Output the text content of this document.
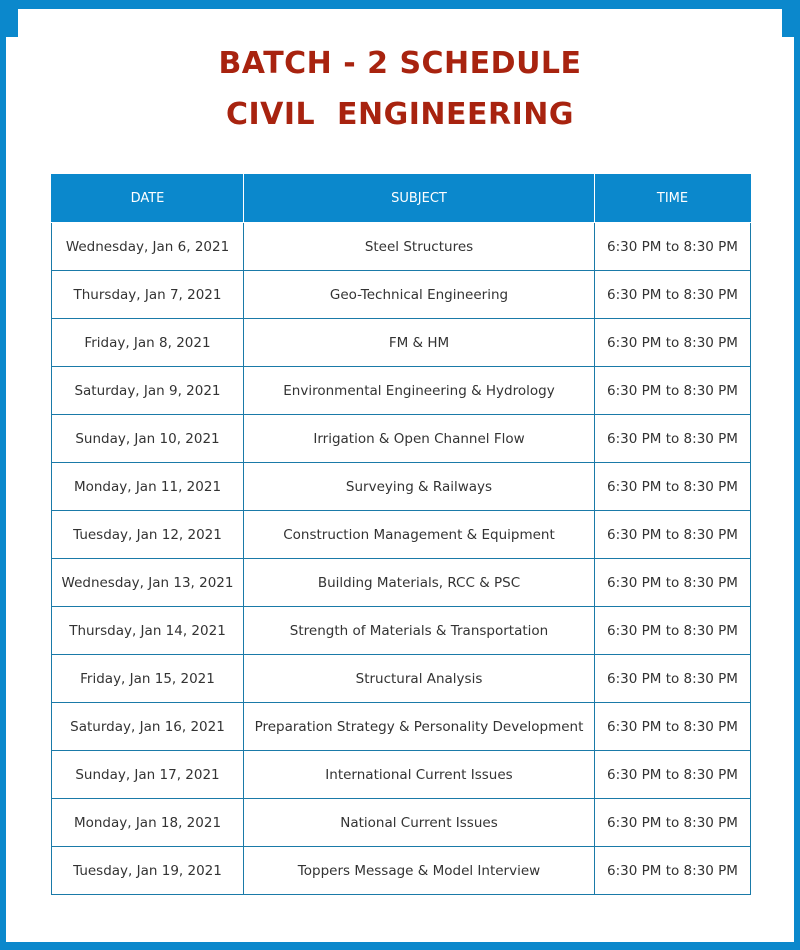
BATCH - 2 SCHEDULE
CIVIL  ENGINEERING
DATE	SUBJECT	TIME
Wednesday, Jan 6, 2021	Steel Structures	6:30 PM to 8:30 PM
Thursday, Jan 7, 2021	Geo-Technical Engineering	6:30 PM to 8:30 PM
Friday, Jan 8, 2021	FM & HM	6:30 PM to 8:30 PM
Saturday, Jan 9, 2021	Environmental Engineering & Hydrology	6:30 PM to 8:30 PM
Sunday, Jan 10, 2021	Irrigation & Open Channel Flow	6:30 PM to 8:30 PM
Monday, Jan 11, 2021	Surveying & Railways	6:30 PM to 8:30 PM
Tuesday, Jan 12, 2021	Construction Management & Equipment	6:30 PM to 8:30 PM
Wednesday, Jan 13, 2021	Building Materials, RCC & PSC	6:30 PM to 8:30 PM
Thursday, Jan 14, 2021	Strength of Materials & Transportation	6:30 PM to 8:30 PM
Friday, Jan 15, 2021	Structural Analysis	6:30 PM to 8:30 PM
Saturday, Jan 16, 2021	Preparation Strategy & Personality Development	6:30 PM to 8:30 PM
Sunday, Jan 17, 2021	International Current Issues	6:30 PM to 8:30 PM
Monday, Jan 18, 2021	National Current Issues	6:30 PM to 8:30 PM
Tuesday, Jan 19, 2021	Toppers Message & Model Interview	6:30 PM to 8:30 PM
